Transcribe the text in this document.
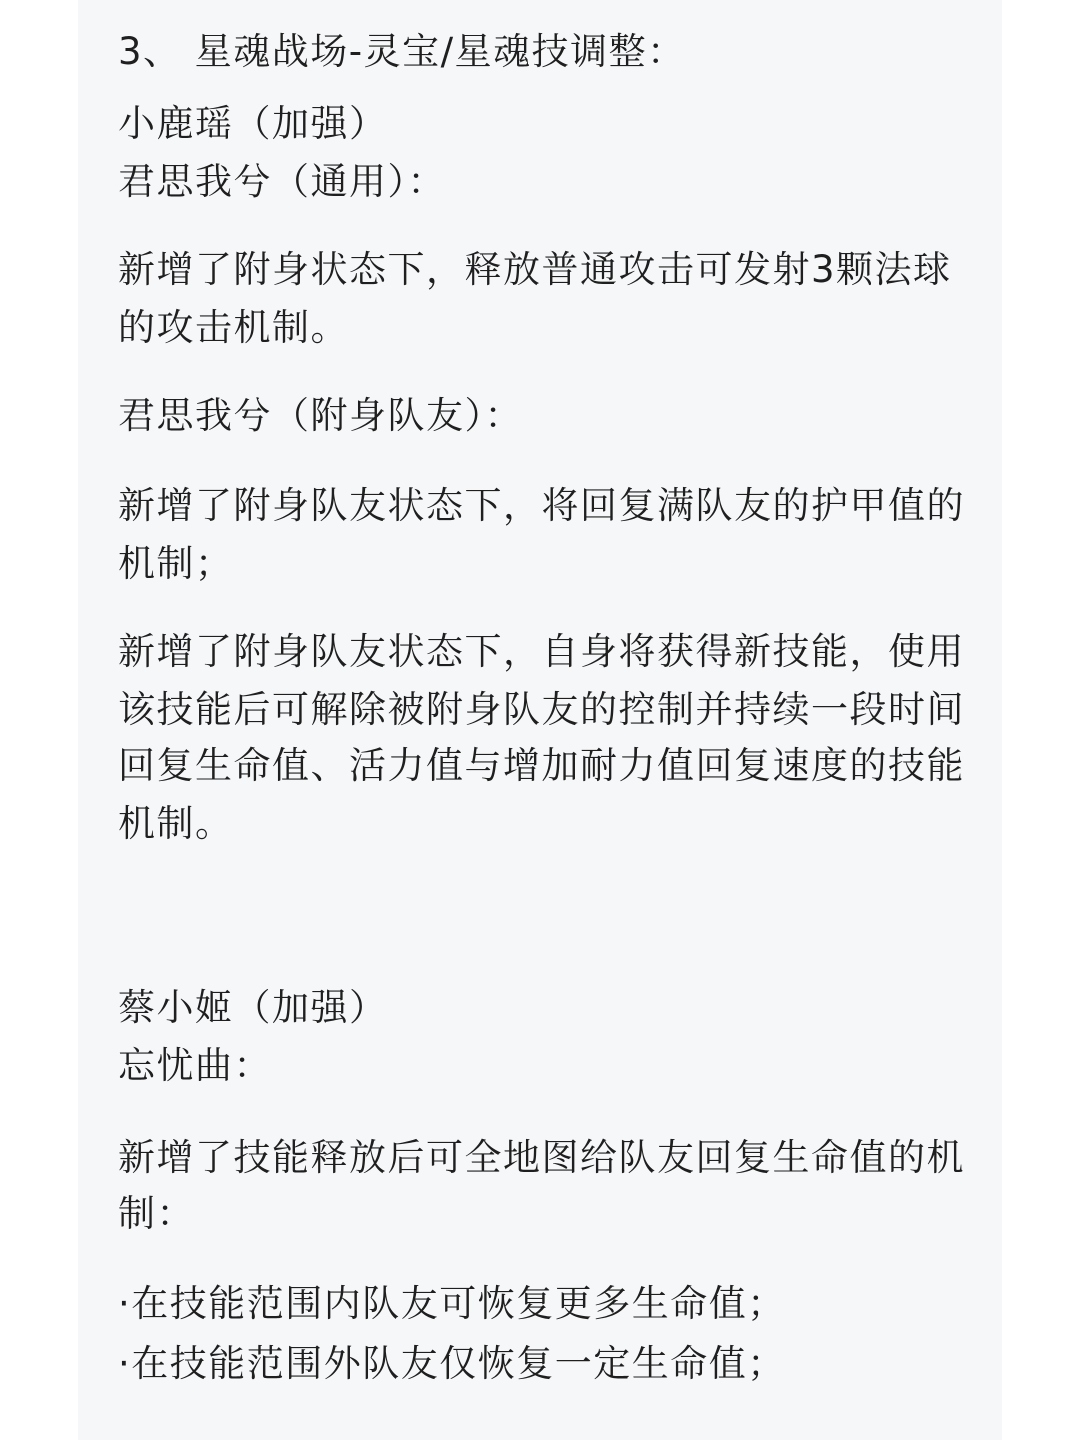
3、 星魂战场-灵宝/星魂技调整：

小鹿瑶（加强）

君思我兮（通用）：

新增了附身状态下，释放普通攻击可发射3颗法球

的攻击机制。

君思我兮（附身队友）：

新增了附身队友状态下，将回复满队友的护甲值的

机制；

新增了附身队友状态下，自身将获得新技能，使用

该技能后可解除被附身队友的控制并持续一段时间

回复生命值、活力值与增加耐力值回复速度的技能

机制。

蔡小姬（加强）

忘忧曲：

新增了技能释放后可全地图给队友回复生命值的机

制：

·在技能范围内队友可恢复更多生命值；

·在技能范围外队友仅恢复一定生命值；
